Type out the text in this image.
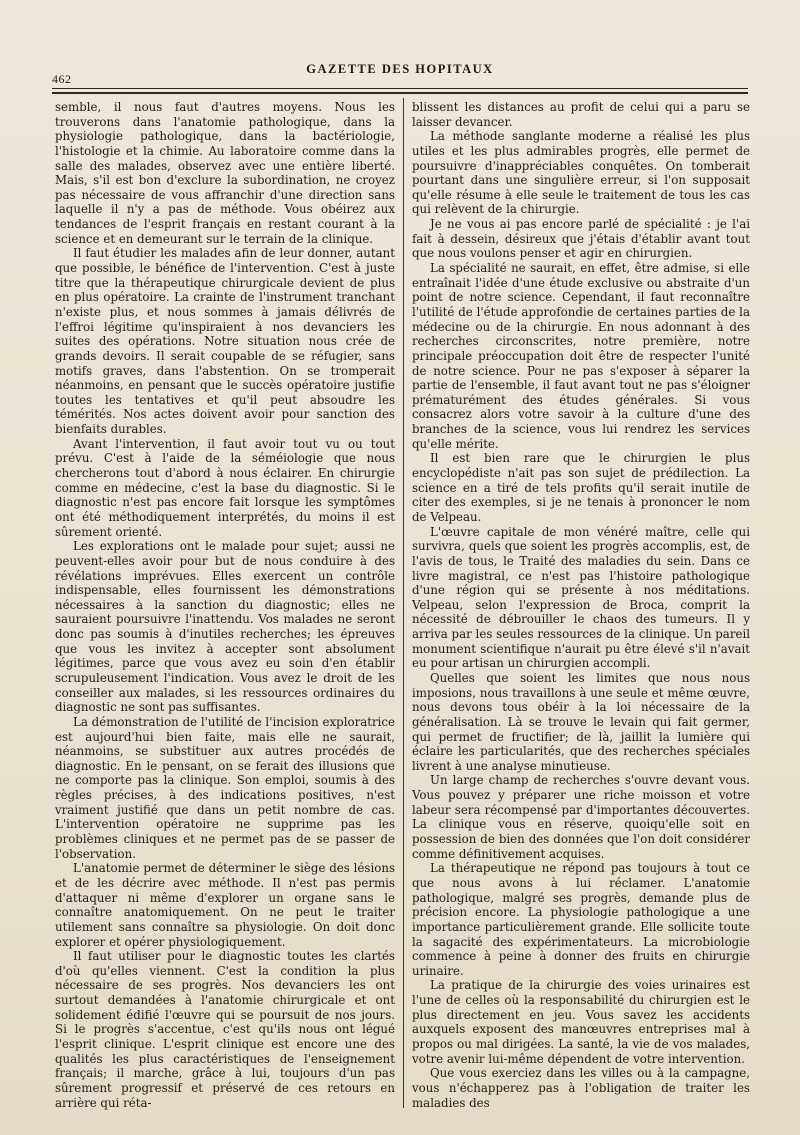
462
GAZETTE DES HOPITAUX

semble, il nous faut d'autres moyens. Nous les trouverons dans l'anatomie pathologique, dans la physiologie pathologique, dans la bactériologie, l'histologie et la chimie. Au laboratoire comme dans la salle des malades, observez avec une entière liberté. Mais, s'il est bon d'exclure la subordination, ne croyez pas nécessaire de vous affranchir d'une direction sans laquelle il n'y a pas de méthode. Vous obéirez aux tendances de l'esprit français en restant courant à la science et en demeurant sur le terrain de la clinique.

Il faut étudier les malades afin de leur donner, autant que possible, le bénéfice de l'intervention. C'est à juste titre que la thérapeutique chirurgicale devient de plus en plus opératoire. La crainte de l'instrument tranchant n'existe plus, et nous sommes à jamais délivrés de l'effroi légitime qu'inspiraient à nos devanciers les suites des opérations. Notre situation nous crée de grands devoirs. Il serait coupable de se réfugier, sans motifs graves, dans l'abstention. On se tromperait néanmoins, en pensant que le succès opératoire justifie toutes les tentatives et qu'il peut absoudre les témérités. Nos actes doivent avoir pour sanction des bienfaits durables.

Avant l'intervention, il faut avoir tout vu ou tout prévu. C'est à l'aide de la séméiologie que nous chercherons tout d'abord à nous éclairer. En chirurgie comme en médecine, c'est la base du diagnostic. Si le diagnostic n'est pas encore fait lorsque les symptômes ont été méthodiquement interprétés, du moins il est sûrement orienté.

Les explorations ont le malade pour sujet; aussi ne peuvent-elles avoir pour but de nous conduire à des révélations imprévues. Elles exercent un contrôle indispensable, elles fournissent les démonstrations nécessaires à la sanction du diagnostic; elles ne sauraient poursuivre l'inattendu. Vos malades ne seront donc pas soumis à d'inutiles recherches; les épreuves que vous les invitez à accepter sont absolument légitimes, parce que vous avez eu soin d'en établir scrupuleusement l'indication. Vous avez le droit de les conseiller aux malades, si les ressources ordinaires du diagnostic ne sont pas suffisantes.

La démonstration de l'utilité de l'incision exploratrice est aujourd'hui bien faite, mais elle ne saurait, néanmoins, se substituer aux autres procédés de diagnostic. En le pensant, on se ferait des illusions que ne comporte pas la clinique. Son emploi, soumis à des règles précises, à des indications positives, n'est vraiment justifié que dans un petit nombre de cas. L'intervention opératoire ne supprime pas les problèmes cliniques et ne permet pas de se passer de l'observation.

L'anatomie permet de déterminer le siège des lésions et de les décrire avec méthode. Il n'est pas permis d'attaquer ni même d'explorer un organe sans le connaître anatomiquement. On ne peut le traiter utilement sans connaître sa physiologie. On doit donc explorer et opérer physiologiquement.

Il faut utiliser pour le diagnostic toutes les clartés d'où qu'elles viennent. C'est la condition la plus nécessaire de ses progrès. Nos devanciers les ont surtout demandées à l'anatomie chirurgicale et ont solidement édifié l'œuvre qui se poursuit de nos jours. Si le progrès s'accentue, c'est qu'ils nous ont légué l'esprit clinique. L'esprit clinique est encore une des qualités les plus caractéristiques de l'enseignement français; il marche, grâce à lui, toujours d'un pas sûrement progressif et préservé de ces retours en arrière qui réta-

blissent les distances au profit de celui qui a paru se laisser devancer.

La méthode sanglante moderne a réalisé les plus utiles et les plus admirables progrès, elle permet de poursuivre d'inappréciables conquêtes. On tomberait pourtant dans une singulière erreur, si l'on supposait qu'elle résume à elle seule le traitement de tous les cas qui relèvent de la chirurgie.

Je ne vous ai pas encore parlé de spécialité : je l'ai fait à dessein, désireux que j'étais d'établir avant tout que nous voulons penser et agir en chirurgien.

La spécialité ne saurait, en effet, être admise, si elle entraînait l'idée d'une étude exclusive ou abstraite d'un point de notre science. Cependant, il faut reconnaître l'utilité de l'étude approfondie de certaines parties de la médecine ou de la chirurgie. En nous adonnant à des recherches circonscrites, notre première, notre principale préoccupation doit être de respecter l'unité de notre science. Pour ne pas s'exposer à séparer la partie de l'ensemble, il faut avant tout ne pas s'éloigner prématurément des études générales. Si vous consacrez alors votre savoir à la culture d'une des branches de la science, vous lui rendrez les services qu'elle mérite.

Il est bien rare que le chirurgien le plus encyclopédiste n'ait pas son sujet de prédilection. La science en a tiré de tels profits qu'il serait inutile de citer des exemples, si je ne tenais à prononcer le nom de Velpeau.

L'œuvre capitale de mon vénéré maître, celle qui survivra, quels que soient les progrès accomplis, est, de l'avis de tous, le Traité des maladies du sein. Dans ce livre magistral, ce n'est pas l'histoire pathologique d'une région qui se présente à nos méditations. Velpeau, selon l'expression de Broca, comprit la nécessité de débrouiller le chaos des tumeurs. Il y arriva par les seules ressources de la clinique. Un pareil monument scientifique n'aurait pu être élevé s'il n'avait eu pour artisan un chirurgien accompli.

Quelles que soient les limites que nous nous imposions, nous travaillons à une seule et même œuvre, nous devons tous obéir à la loi nécessaire de la généralisation. Là se trouve le levain qui fait germer, qui permet de fructifier; de là, jaillit la lumière qui éclaire les particularités, que des recherches spéciales livrent à une analyse minutieuse.

Un large champ de recherches s'ouvre devant vous. Vous pouvez y préparer une riche moisson et votre labeur sera récompensé par d'importantes découvertes. La clinique vous en réserve, quoiqu'elle soit en possession de bien des données que l'on doit considérer comme définitivement acquises.

La thérapeutique ne répond pas toujours à tout ce que nous avons à lui réclamer. L'anatomie pathologique, malgré ses progrès, demande plus de précision encore. La physiologie pathologique a une importance particulièrement grande. Elle sollicite toute la sagacité des expérimentateurs. La microbiologie commence à peine à donner des fruits en chirurgie urinaire.

La pratique de la chirurgie des voies urinaires est l'une de celles où la responsabilité du chirurgien est le plus directement en jeu. Vous savez les accidents auxquels exposent des manœuvres entreprises mal à propos ou mal dirigées. La santé, la vie de vos malades, votre avenir lui-même dépendent de votre intervention.

Que vous exerciez dans les villes ou à la campagne, vous n'échapperez pas à l'obligation de traiter les maladies des
